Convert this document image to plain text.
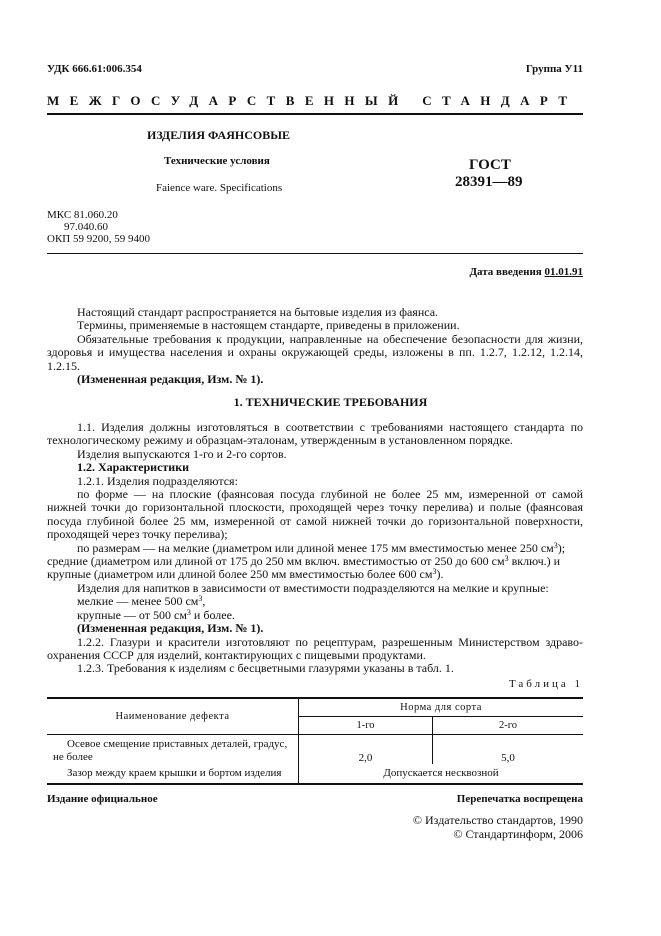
УДК 666.61:006.354	Группа У11
МЕЖГОСУДАРСТВЕННЫЙ СТАНДАРТ
ИЗДЕЛИЯ ФАЯНСОВЫЕ
Технические условия
Faience ware. Specifications
ГОСТ
28391—89
МКС 81.060.20
97.040.60
ОКП 59 9200, 59 9400
Дата введения 01.01.91
Настоящий стандарт распространяется на бытовые изделия из фаянса.
Термины, применяемые в настоящем стандарте, приведены в приложении.
Обязательные требования к продукции, направленные на обеспечение безопасности для жизни,
здоровья и имущества населения и охраны окружающей среды, изложены в пп. 1.2.7, 1.2.12, 1.2.14,
1.2.15.
(Измененная редакция, Изм. № 1).
1. ТЕХНИЧЕСКИЕ ТРЕБОВАНИЯ
1.1. Изделия должны изготовляться в соответствии с требованиями настоящего стандарта по
технологическому режиму и образцам-эталонам, утвержденным в установленном порядке.
Изделия выпускаются 1-го и 2-го сортов.
1.2. Характеристики
1.2.1. Изделия подразделяются:
по форме — на плоские (фаянсовая посуда глубиной не более 25 мм, измеренной от самой
нижней точки до горизонтальной плоскости, проходящей через точку перелива) и полые (фаянсовая
посуда глубиной более 25 мм, измеренной от самой нижней точки до горизонтальной поверхности,
проходящей через точку перелива);
по размерам — на мелкие (диаметром или длиной менее 175 мм вместимостью менее 250 $см^3$);
средние (диаметром или длиной от 175 до 250 мм включ. вместимостью от 250 до 600 $см^3$ включ.) и
крупные (диаметром или длиной более 250 мм вместимостью более 600 $см^3$).
Изделия для напитков в зависимости от вместимости подразделяются на мелкие и крупные:
мелкие — менее 500 $см^3$,
крупные — от 500 $см^3$ и более.
(Измененная редакция, Изм. № 1).
1.2.2. Глазури и красители изготовляют по рецептурам, разрешенным Министерством здраво-
охранения СССР для изделий, контактирующих с пищевыми продуктами.
1.2.3. Требования к изделиям с бесцветными глазурями указаны в табл. 1.
Таблица 1
Наименование дефекта	Норма для сорта	
	1-го	2-го

Осевое смещение приставных деталей, градус,
не более	2,0	5,0
Зазор между краем крышки и бортом изделия	Допускается несквозной	
Издание официальное	Перепечатка воспрещена
© Издательство стандартов, 1990
© Стандартинформ, 2006
